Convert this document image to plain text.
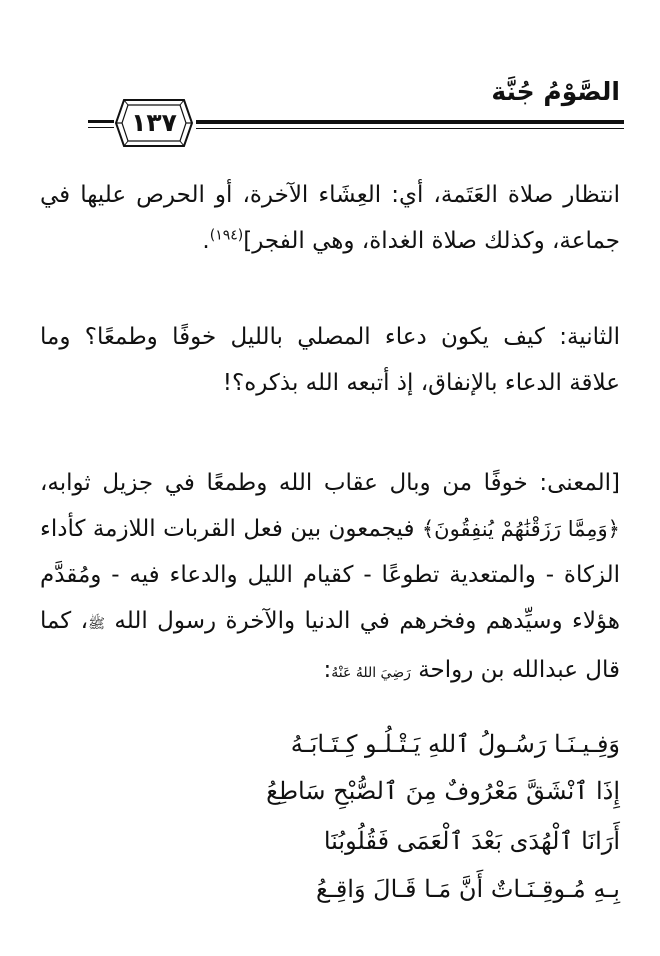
الصَّوْمُ جُنَّة
١٣٧

انتظار صلاة العَتَمة، أي: العِشَاء الآخرة، أو الحرص عليها في جماعة، وكذلك صلاة الغداة، وهي الفجر]$^{(١٩٤)}$.

الثانية: كيف يكون دعاء المصلي بالليل خوفًا وطمعًا؟ وما علاقة الدعاء بالإنفاق، إذ أتبعه الله بذكره؟!

[المعنى: خوفًا من وبال عقاب الله وطمعًا في جزيل ثوابه، ﴿وَمِمَّا رَزَقْنَٰهُمْ يُنفِقُونَ﴾ فيجمعون بين فعل القربات اللازمة كأداء الزكاة - والمتعدية تطوعًا - كقيام الليل والدعاء فيه - ومُقدَّم هؤلاء وسيِّدهم وفخرهم في الدنيا والآخرة رسول الله ﷺ، كما قال عبدالله بن رواحة رَضِيَ اللهُ عَنْهُ:

وَفِـيـنَـا رَسُـولُ ٱللهِ يَـتْـلُـو كِـتَـابَـهُ
إِذَا ٱنْشَقَّ مَعْرُوفٌ مِنَ ٱلصُّبْحِ سَاطِعُ
أَرَانَا ٱلْهُدَى بَعْدَ ٱلْعَمَى فَقُلُوبُنَا
بِـهِ مُـوقِـنَـاتٌ أَنَّ مَـا قَـالَ وَاقِـعُ
